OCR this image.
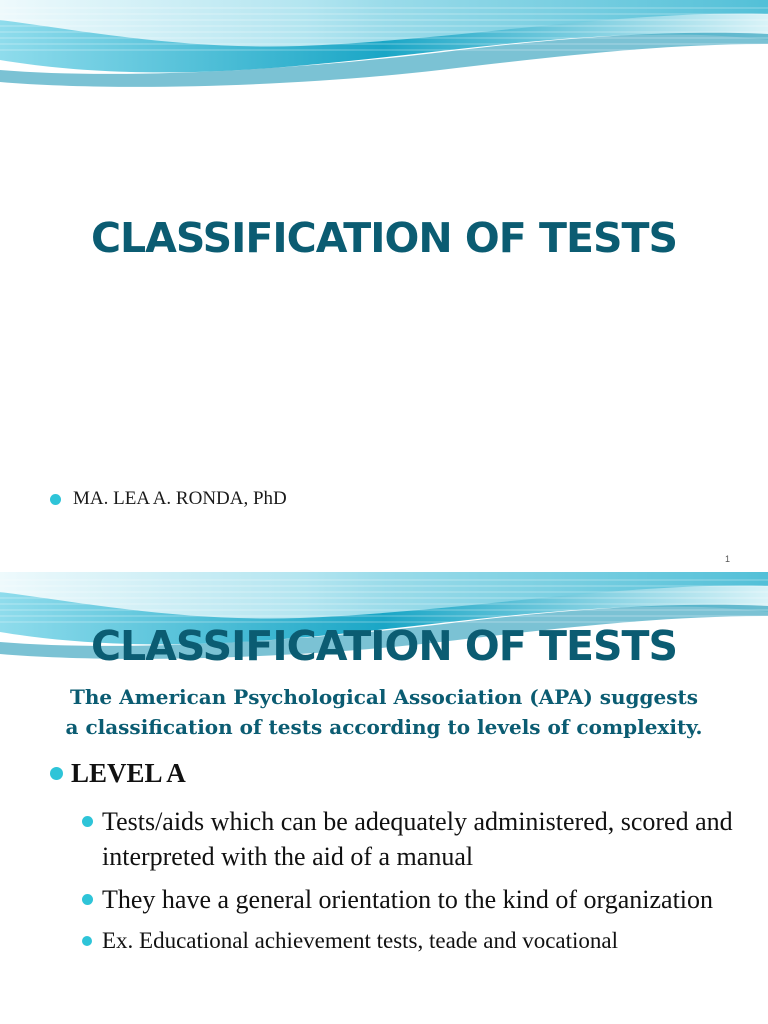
CLASSIFICATION OF TESTS
MA. LEA A. RONDA, PhD
1
CLASSIFICATION OF TESTS
The American Psychological Association (APA) suggests
a classification of tests according to levels of complexity.
LEVEL A
Tests/aids which can be adequately administered, scored and interpreted with the aid of a manual
They have a general orientation to the kind of organization
Ex. Educational achievement tests, teade and vocational
